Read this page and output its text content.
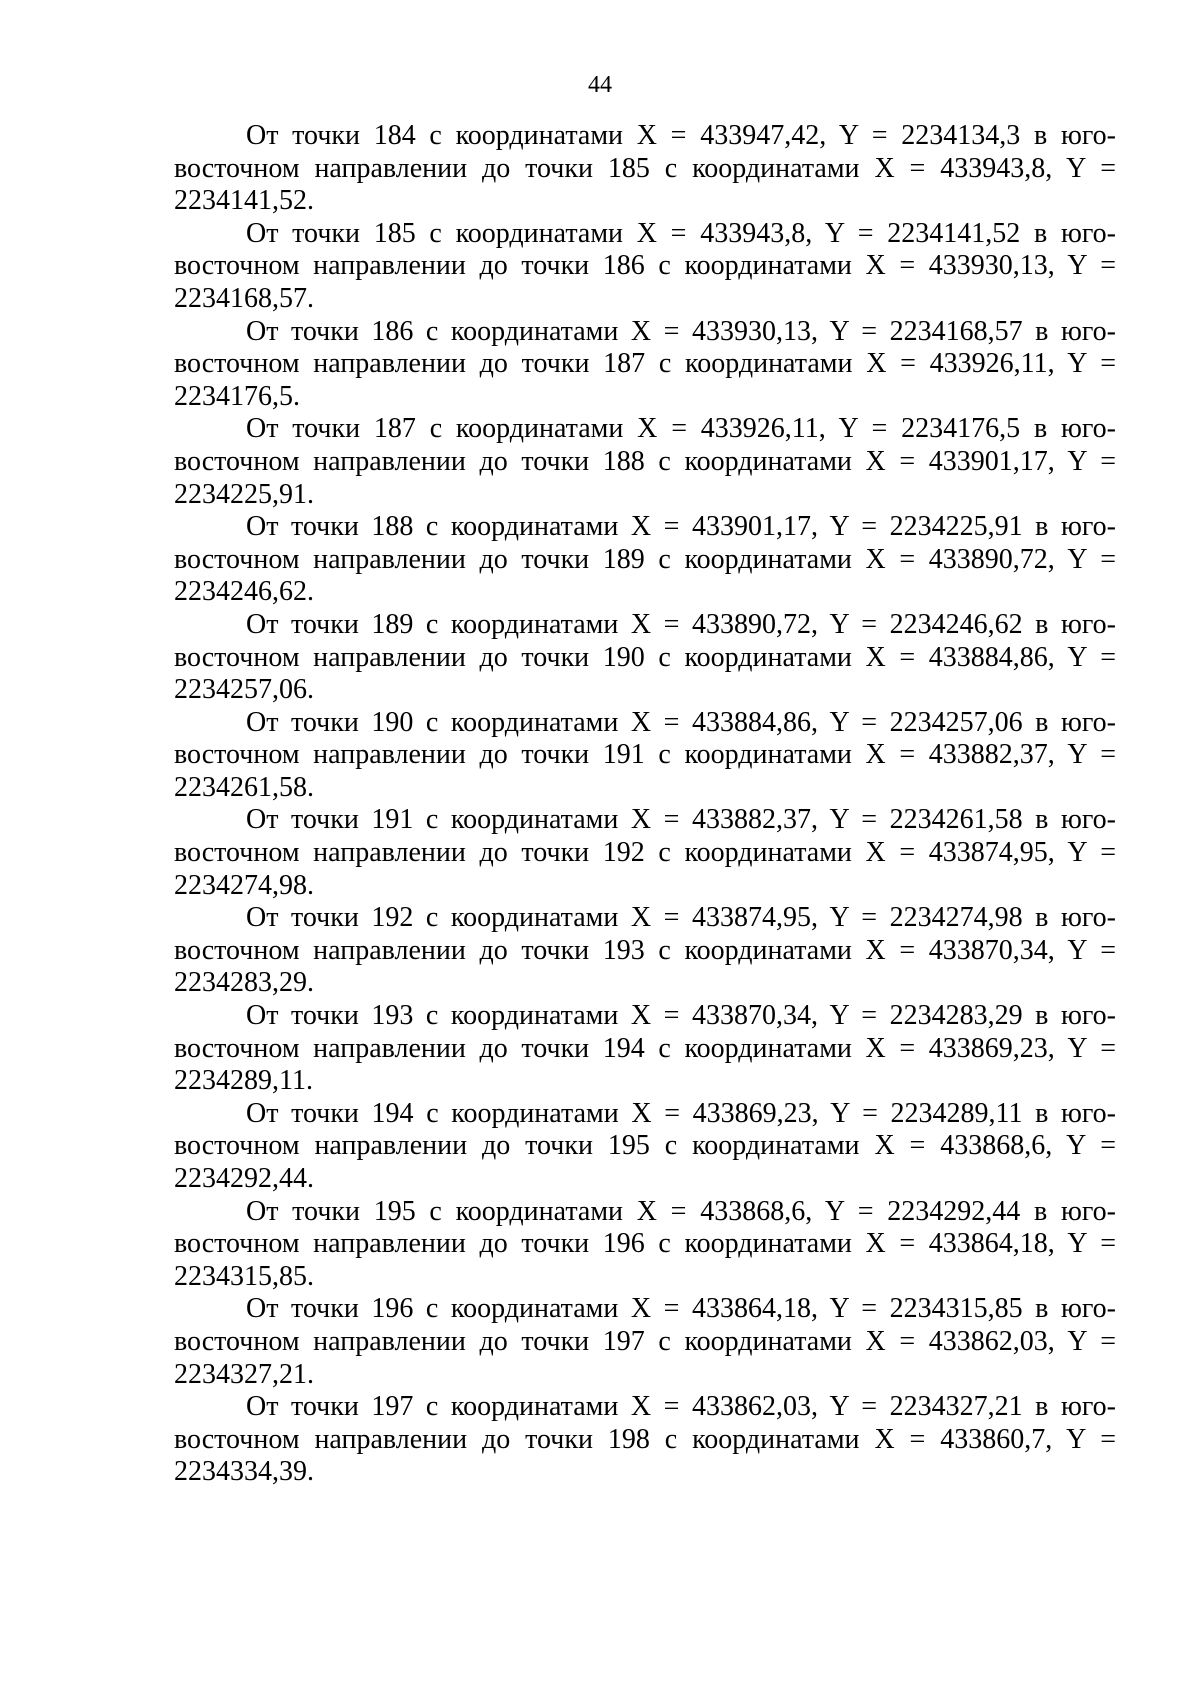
44

От точки 184 с координатами X = 433947,42, Y = 2234134,3 в юго-восточном направлении до точки 185 с координатами X = 433943,8, Y = 2234141,52.

От точки 185 с координатами X = 433943,8, Y = 2234141,52 в юго-восточном направлении до точки 186 с координатами X = 433930,13, Y = 2234168,57.

От точки 186 с координатами X = 433930,13, Y = 2234168,57 в юго-восточном направлении до точки 187 с координатами X = 433926,11, Y = 2234176,5.

От точки 187 с координатами X = 433926,11, Y = 2234176,5 в юго-восточном направлении до точки 188 с координатами X = 433901,17, Y = 2234225,91.

От точки 188 с координатами X = 433901,17, Y = 2234225,91 в юго-восточном направлении до точки 189 с координатами X = 433890,72, Y = 2234246,62.

От точки 189 с координатами X = 433890,72, Y = 2234246,62 в юго-восточном направлении до точки 190 с координатами X = 433884,86, Y = 2234257,06.

От точки 190 с координатами X = 433884,86, Y = 2234257,06 в юго-восточном направлении до точки 191 с координатами X = 433882,37, Y = 2234261,58.

От точки 191 с координатами X = 433882,37, Y = 2234261,58 в юго-восточном направлении до точки 192 с координатами X = 433874,95, Y = 2234274,98.

От точки 192 с координатами X = 433874,95, Y = 2234274,98 в юго-восточном направлении до точки 193 с координатами X = 433870,34, Y = 2234283,29.

От точки 193 с координатами X = 433870,34, Y = 2234283,29 в юго-восточном направлении до точки 194 с координатами X = 433869,23, Y = 2234289,11.

От точки 194 с координатами X = 433869,23, Y = 2234289,11 в юго-восточном направлении до точки 195 с координатами X = 433868,6, Y = 2234292,44.

От точки 195 с координатами X = 433868,6, Y = 2234292,44 в юго-восточном направлении до точки 196 с координатами X = 433864,18, Y = 2234315,85.

От точки 196 с координатами X = 433864,18, Y = 2234315,85 в юго-восточном направлении до точки 197 с координатами X = 433862,03, Y = 2234327,21.

От точки 197 с координатами X = 433862,03, Y = 2234327,21 в юго-восточном направлении до точки 198 с координатами X = 433860,7, Y = 2234334,39.
